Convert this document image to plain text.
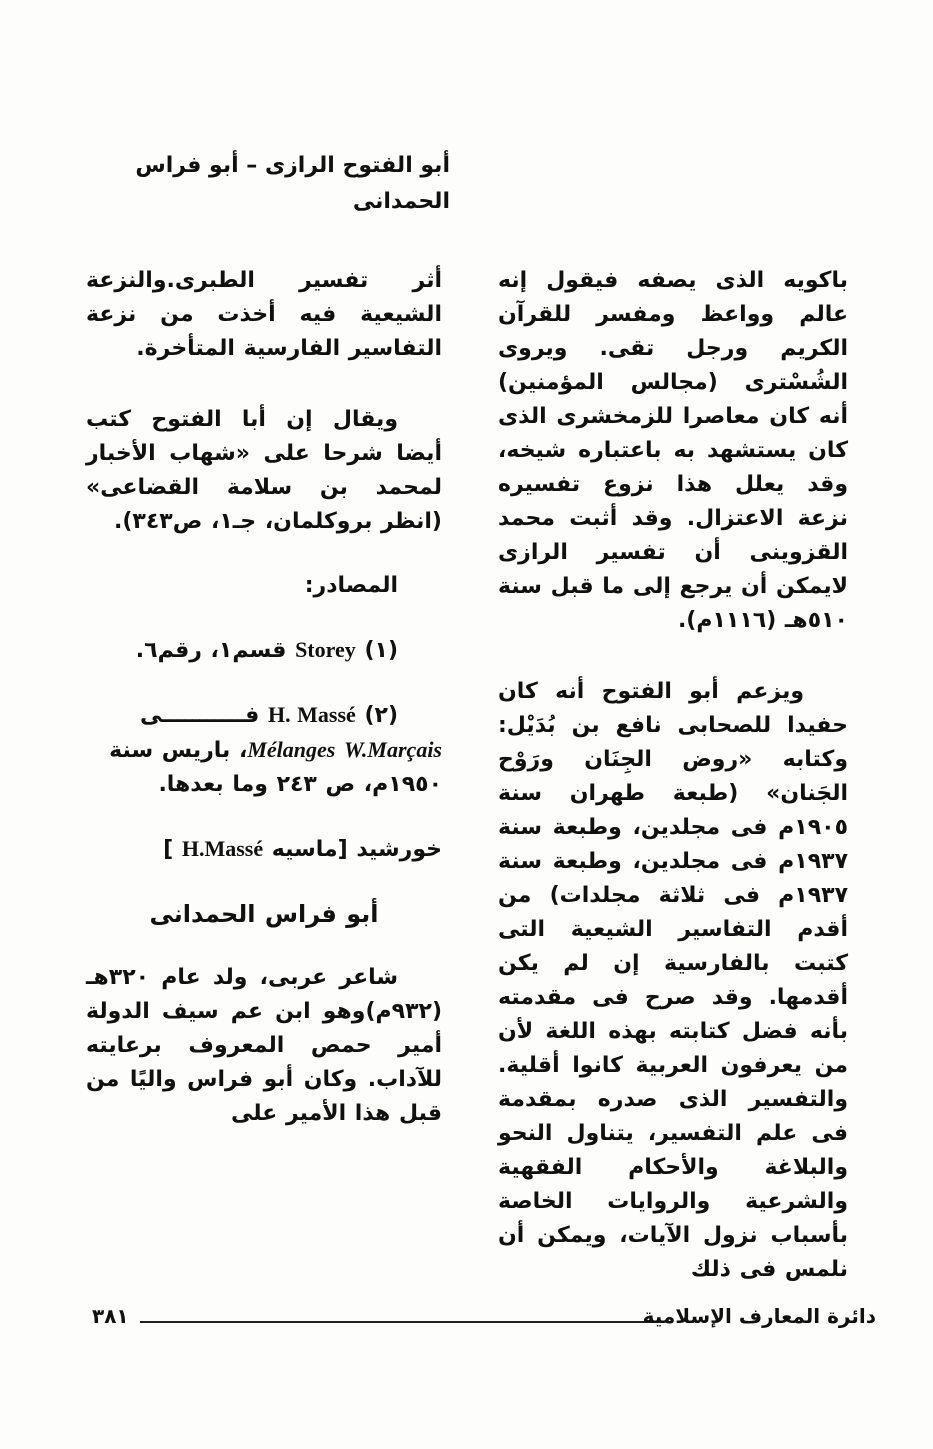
أبو الفتوح الرازى – أبو فراس الحمدانى

باكويه الذى يصفه فيقول إنه عالم وواعظ ومفسر للقرآن الكريم ورجل تقى. ويروى الشُسْترى (مجالس المؤمنين) أنه كان معاصرا للزمخشرى الذى كان يستشهد به باعتباره شيخه، وقد يعلل هذا نزوع تفسيره نزعة الاعتزال. وقد أثبت محمد القزوينى أن تفسير الرازى لايمكن أن يرجع إلى ما قبل سنة ٥١٠هـ (١١١٦م).

ويزعم أبو الفتوح أنه كان حفيدا للصحابى نافع بن بُدَيْل: وكتابه «روض الجِنَان ورَوْح الجَنان» (طبعة طهران سنة ١٩٠٥م فى مجلدين، وطبعة سنة ١٩٣٧م فى مجلدين، وطبعة سنة ١٩٣٧م فى ثلاثة مجلدات) من أقدم التفاسير الشيعية التى كتبت بالفارسية إن لم يكن أقدمها. وقد صرح فى مقدمته بأنه فضل كتابته بهذه اللغة لأن من يعرفون العربية كانوا أقلية. والتفسير الذى صدره بمقدمة فى علم التفسير، يتناول النحو والبلاغة والأحكام الفقهية والشرعية والروايات الخاصة بأسباب نزول الآيات، ويمكن أن نلمس فى ذلك

أثر تفسير الطبرى.والنزعة الشيعية فيه أخذت من نزعة التفاسير الفارسية المتأخرة.

ويقال إن أبا الفتوح كتب أيضا شرحا على «شهاب الأخبار لمحمد بن سلامة القضاعى» (انظر بروكلمان، جـ١، ص٣٤٣).

المصادر:

(١) Storey قسم١، رقم٦.

(٢) H. Massé فـــــــــــى Mélanges W.Marçais، باريس سنة ١٩٥٠م، ص ٢٤٣ وما بعدها.

خورشيد [ماسيه H.Massé ]

أبو فراس الحمدانى

شاعر عربى، ولد عام ٣٢٠هـ (٩٣٢م)وهو ابن عم سيف الدولة أمير حمص المعروف برعايته للآداب. وكان أبو فراس واليًا من قبل هذا الأمير على

٣٨١	دائرة المعارف الإسلامية
